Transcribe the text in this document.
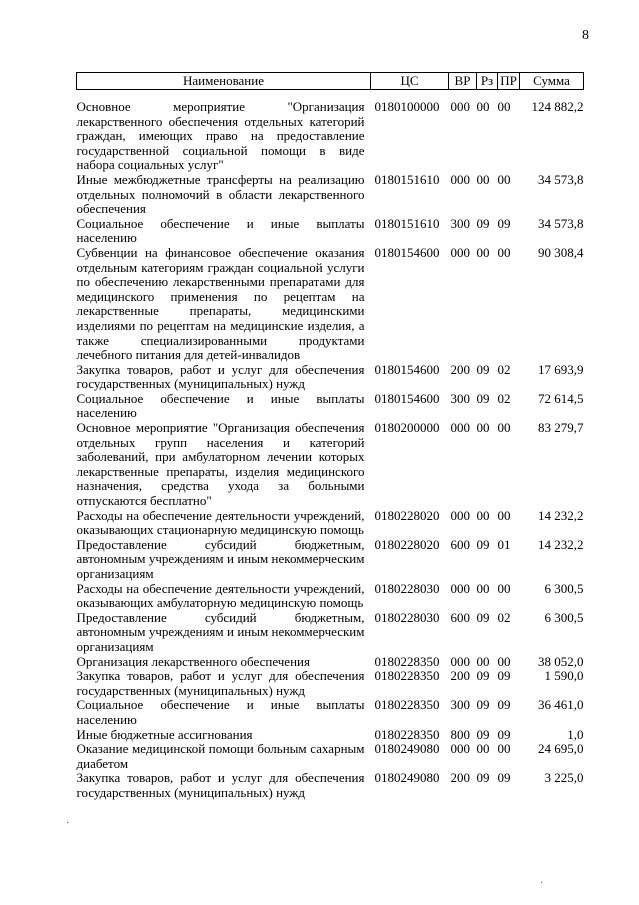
8
Наименование	ЦС	ВР	Рз	ПР	Сумма
Основное мероприятие "Организация лекарственного обеспечения отдельных категорий граждан, имеющих право на предоставление государственной социальной помощи в виде набора социальных услуг"	0180100000	000	00	00	124 882,2
Иные межбюджетные трансферты на реализацию отдельных полномочий в области лекарственного обеспечения	0180151610	000	00	00	34 573,8
Социальное обеспечение и иные выплаты населению	0180151610	300	09	09	34 573,8
Субвенции на финансовое обеспечение оказания отдельным категориям граждан социальной услуги по обеспечению лекарственными препаратами для медицинского применения по рецептам на лекарственные препараты, медицинскими изделиями по рецептам на медицинские изделия, а также специализированными продуктами лечебного питания для детей-инвалидов	0180154600	000	00	00	90 308,4
Закупка товаров, работ и услуг для обеспечения государственных (муниципальных) нужд	0180154600	200	09	02	17 693,9
Социальное обеспечение и иные выплаты населению	0180154600	300	09	02	72 614,5
Основное мероприятие "Организация обеспечения отдельных групп населения и категорий заболеваний, при амбулаторном лечении которых лекарственные препараты, изделия медицинского назначения, средства ухода за больными отпускаются бесплатно"	0180200000	000	00	00	83 279,7
Расходы на обеспечение деятельности учреждений, оказывающих стационарную медицинскую помощь	0180228020	000	00	00	14 232,2
Предоставление субсидий бюджетным, автономным учреждениям и иным некоммерческим организациям	0180228020	600	09	01	14 232,2
Расходы на обеспечение деятельности учреждений, оказывающих амбулаторную медицинскую помощь	0180228030	000	00	00	6 300,5
Предоставление субсидий бюджетным, автономным учреждениям и иным некоммерческим организациям	0180228030	600	09	02	6 300,5
Организация лекарственного обеспечения	0180228350	000	00	00	38 052,0
Закупка товаров, работ и услуг для обеспечения государственных (муниципальных) нужд	0180228350	200	09	09	1 590,0
Социальное обеспечение и иные выплаты населению	0180228350	300	09	09	36 461,0
Иные бюджетные ассигнования	0180228350	800	09	09	1,0
Оказание медицинской помощи больным сахарным диабетом	0180249080	000	00	00	24 695,0
Закупка товаров, работ и услуг для обеспечения государственных (муниципальных) нужд	0180249080	200	09	09	3 225,0
·
·
